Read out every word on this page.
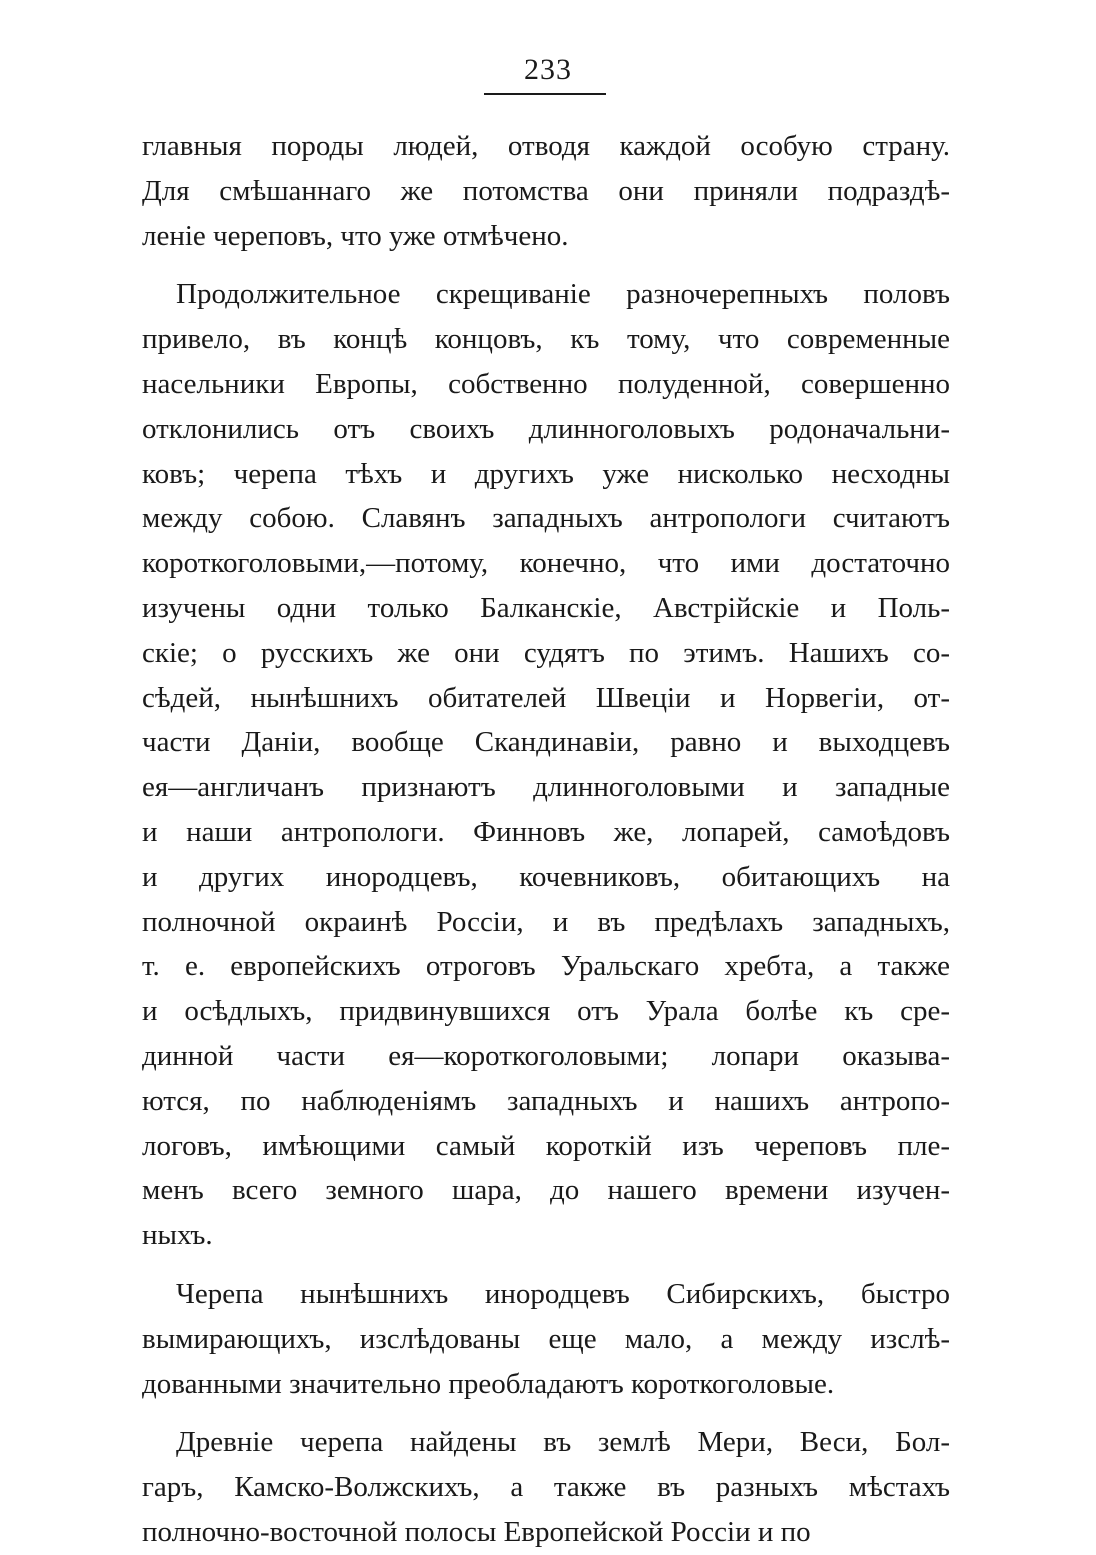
233
главныя породы людей, отводя каждой особую страну.
Для смѣшаннаго же потомства они приняли подраздѣ-
леніе череповъ, что уже отмѣчено.
Продолжительное скрещиваніе разночерепныхъ половъ
привело, въ концѣ концовъ, къ тому, что современные
насельники Европы, собственно полуденной, совершенно
отклонились отъ своихъ длинноголовыхъ родоначальни-
ковъ; черепа тѣхъ и другихъ уже нисколько несходны
между собою. Славянъ западныхъ антропологи считаютъ
короткоголовыми,—потому, конечно, что ими достаточно
изучены одни только Балканскіе, Австрійскіе и Поль-
скіе; о русскихъ же они судятъ по этимъ. Нашихъ со-
сѣдей, нынѣшнихъ обитателей Швеціи и Норвегіи, от-
части Даніи, вообще Скандинавіи, равно и выходцевъ
ея—англичанъ признаютъ длинноголовыми и западные
и наши антропологи. Финновъ же, лопарей, самоѣдовъ
и других инородцевъ, кочевниковъ, обитающихъ на
полночной окраинѣ Россіи, и въ предѣлахъ западныхъ,
т. е. европейскихъ отроговъ Уральскаго хребта, а также
и осѣдлыхъ, придвинувшихся отъ Урала болѣе къ сре-
динной части ея—короткоголовыми; лопари оказыва-
ются, по наблюденіямъ западныхъ и нашихъ антропо-
логовъ, имѣющими самый короткій изъ череповъ пле-
менъ всего земного шара, до нашего времени изучен-
ныхъ.
Черепа нынѣшнихъ инородцевъ Сибирскихъ, быстро
вымирающихъ, изслѣдованы еще мало, а между изслѣ-
дованными значительно преобладаютъ короткоголовые.
Древніе черепа найдены въ землѣ Мери, Веси, Бол-
гаръ, Камско-Волжскихъ, а также въ разныхъ мѣстахъ
полночно-восточной полосы Европейской Россіи и по
